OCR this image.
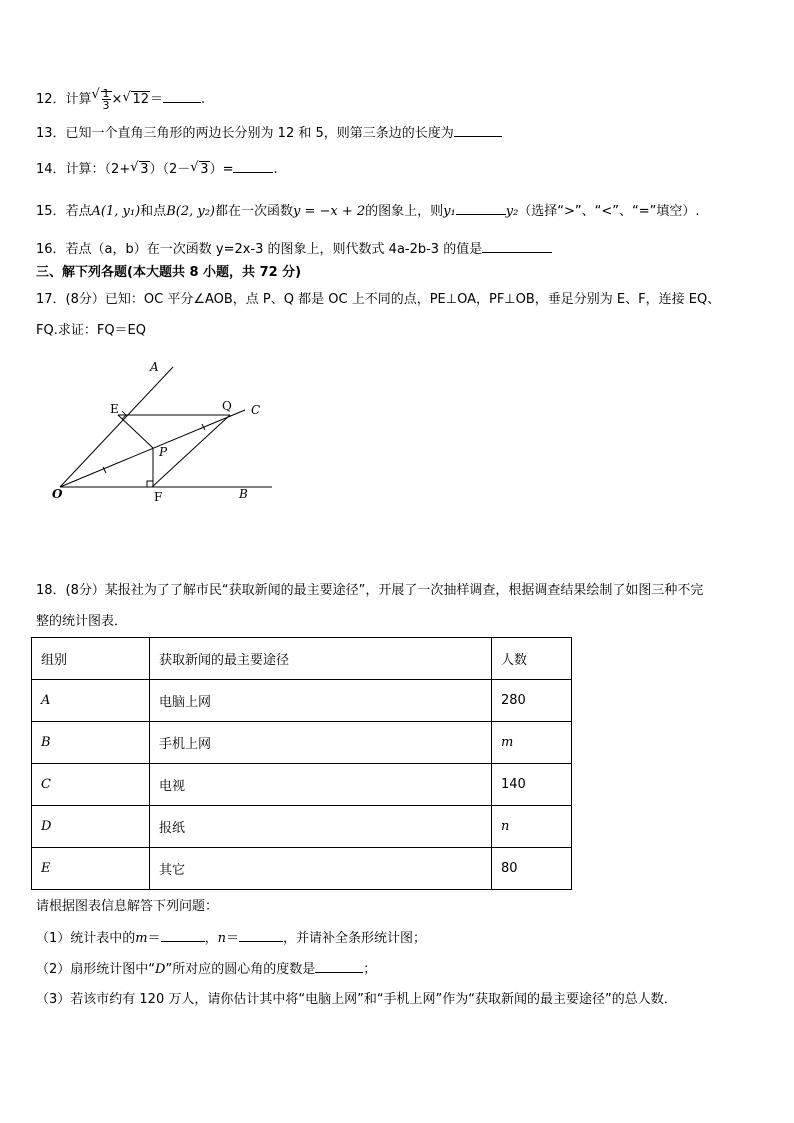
12．计算 √ $\frac{1}{3}$ × √ 12＝	.
13．已知一个直角三角形的两边长分别为 12 和 5，则第三条边的长度为
14．计算：（2+ √ 3）（2－ √ 3）=	.
15．若点A(1, y₁)和点B(2, y₂)都在一次函数y = −x + 2的图象上，则y₁	y₂（选择“>”、“<”、“=”填空）.
16．若点（a，b）在一次函数 y=2x-3 的图象上，则代数式 4a-2b-3 的值是
三、解下列各题(本大题共 8 小题，共 72 分)
17．(8分）已知：OC 平分∠AOB，点 P、Q 都是 OC 上不同的点，PE⊥OA，PF⊥OB，垂足分别为 E、F，连接 EQ、
FQ.求证：FQ＝EQ
A
E	Q C
P
O	F	B
18．(8分）某报社为了了解市民“获取新闻的最主要途径”，开展了一次抽样调查，根据调查结果绘制了如图三种不完
整的统计图表．
组别	获取新闻的最主要途径	人数
A	电脑上网	280
B	手机上网	m
C	电视	140
D	报纸	n
E	其它	80
请根据图表信息解答下列问题：
（1）统计表中的m＝	，n＝	，并请补全条形统计图；
（2）扇形统计图中“D”所对应的圆心角的度数是	；
（3）若该市约有 120 万人，请你估计其中将“电脑上网”和“手机上网”作为“获取新闻的最主要途径”的总人数．
